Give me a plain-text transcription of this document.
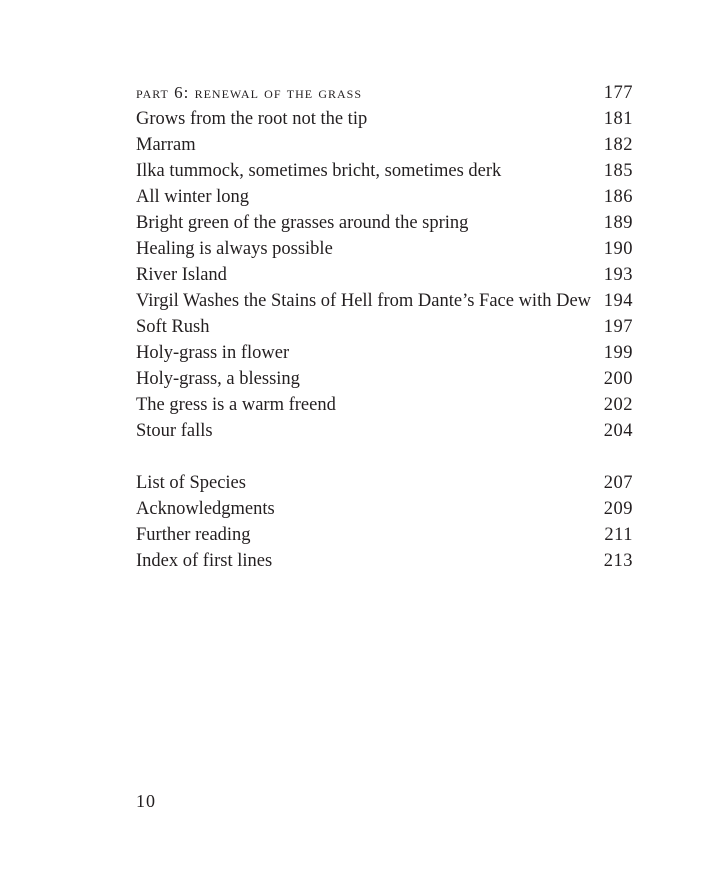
part 6: renewal of the grass	177
Grows from the root not the tip	181
Marram	182
Ilka tummock, sometimes bricht, sometimes derk	185
All winter long	186
Bright green of the grasses around the spring	189
Healing is always possible	190
River Island	193
Virgil Washes the Stains of Hell from Dante’s Face with Dew 194
Soft Rush	197
Holy-grass in flower	199
Holy-grass, a blessing	200
The gress is a warm freend	202
Stour falls	204
List of Species	207
Acknowledgments	209
Further reading	211
Index of first lines	213
10
